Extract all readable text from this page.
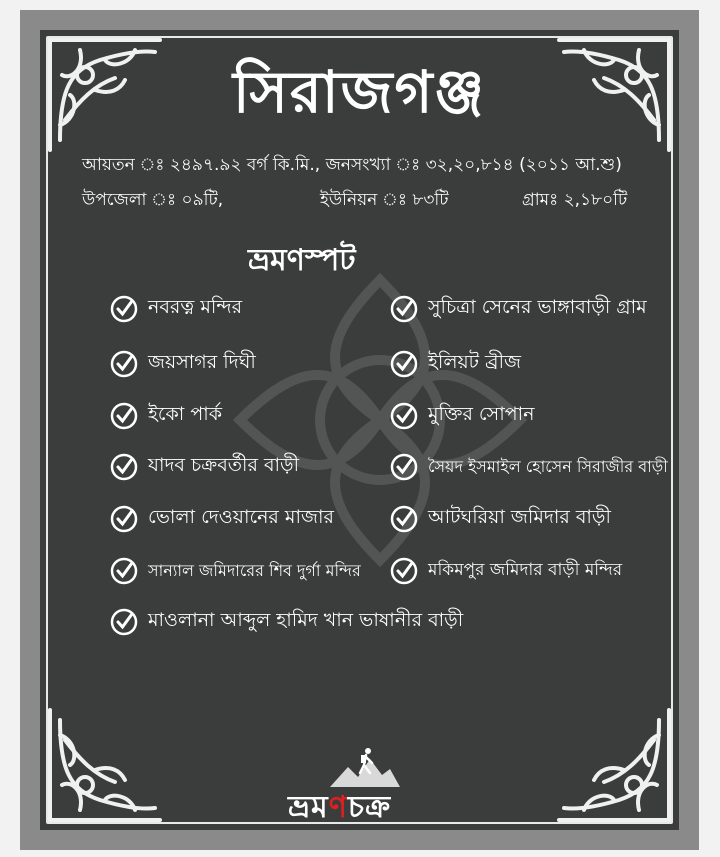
সিরাজগঞ্জ
আয়তন ঃ ২৪৯৭.৯২ বর্গ কি.মি., জনসংখ্যা ঃ ৩২,২০,৮১৪ (২০১১ আ.শু)
উপজেলা ঃ ০৯টি,	ইউনিয়ন ঃ ৮৩টি	গ্রামঃ ২,১৮০টি
ভ্রমণস্পট
নবরত্ন মন্দির
জয়সাগর দিঘী
ইকো পার্ক
যাদব চক্রবর্তীর বাড়ী
ভোলা দেওয়ানের মাজার
সান্যাল জমিদারের শিব দুর্গা মন্দির
মাওলানা আব্দুল হামিদ খান ভাষানীর বাড়ী
সুচিত্রা সেনের ভাঙ্গাবাড়ী গ্রাম
ইলিয়ট ব্রীজ
মুক্তির সোপান
সৈয়দ ইসমাইল হোসেন সিরাজীর বাড়ী
আটঘরিয়া জমিদার বাড়ী
মকিমপুর জমিদার বাড়ী মন্দির
ভ্রমণচক্র
